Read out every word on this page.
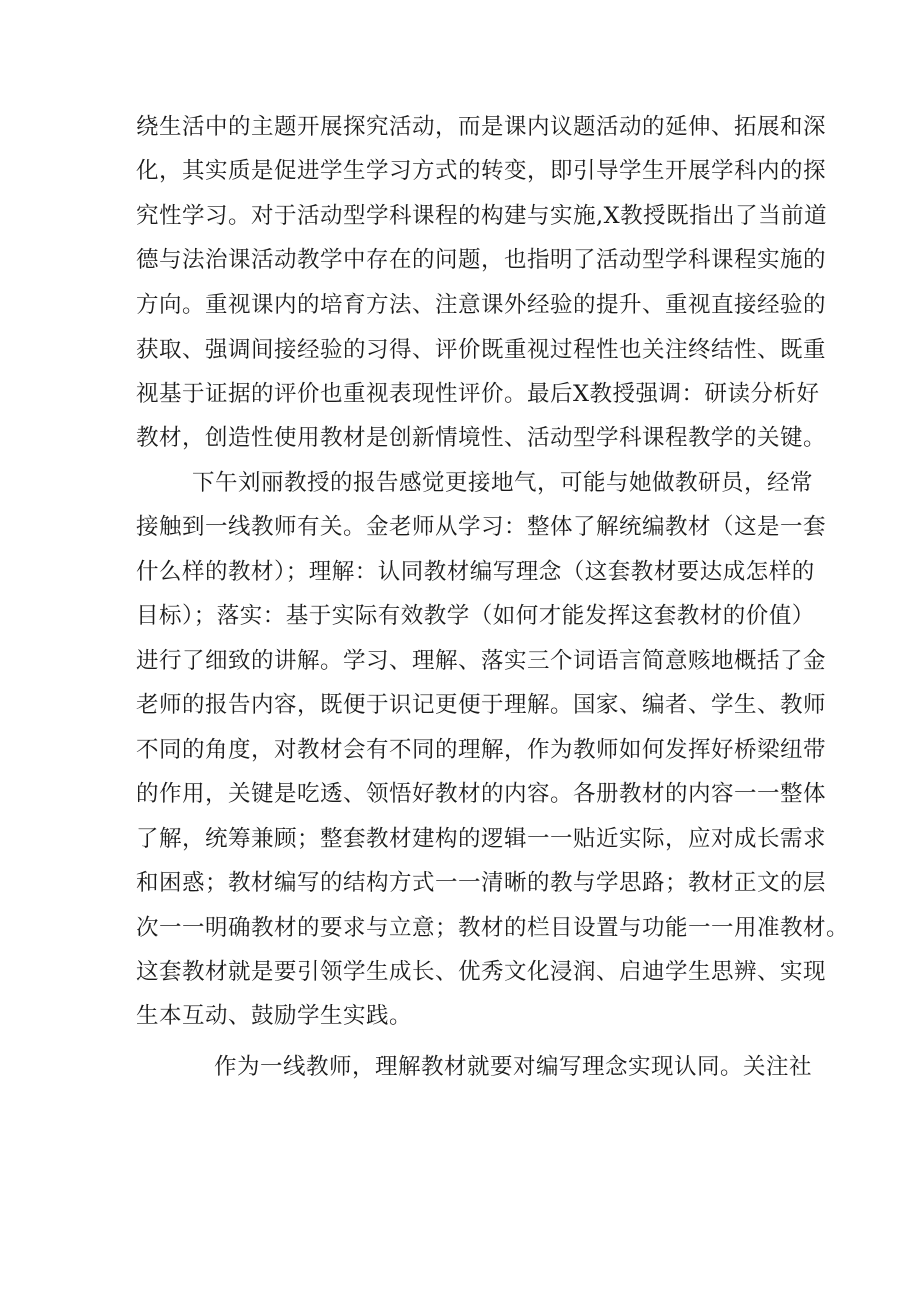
绕生活中的主题开展探究活动，而是课内议题活动的延伸、拓展和深

化，其实质是促进学生学习方式的转变，即引导学生开展学科内的探

究性学习。对于活动型学科课程的构建与实施,X教授既指出了当前道

德与法治课活动教学中存在的问题，也指明了活动型学科课程实施的

方向。重视课内的培育方法、注意课外经验的提升、重视直接经验的

获取、强调间接经验的习得、评价既重视过程性也关注终结性、既重

视基于证据的评价也重视表现性评价。最后X教授强调：研读分析好

教材，创造性使用教材是创新情境性、活动型学科课程教学的关键。

下午刘丽教授的报告感觉更接地气，可能与她做教研员，经常

接触到一线教师有关。金老师从学习：整体了解统编教材（这是一套

什么样的教材）；理解：认同教材编写理念（这套教材要达成怎样的

目标）；落实：基于实际有效教学（如何才能发挥这套教材的价值）

进行了细致的讲解。学习、理解、落实三个词语言简意赅地概括了金

老师的报告内容，既便于识记更便于理解。国家、编者、学生、教师

不同的角度，对教材会有不同的理解，作为教师如何发挥好桥梁纽带

的作用，关键是吃透、领悟好教材的内容。各册教材的内容一一整体

了解，统筹兼顾；整套教材建构的逻辑一一贴近实际，应对成长需求

和困惑；教材编写的结构方式一一清晰的教与学思路；教材正文的层

次一一明确教材的要求与立意；教材的栏目设置与功能一一用准教材。

这套教材就是要引领学生成长、优秀文化浸润、启迪学生思辨、实现

生本互动、鼓励学生实践。

作为一线教师，理解教材就要对编写理念实现认同。关注社
